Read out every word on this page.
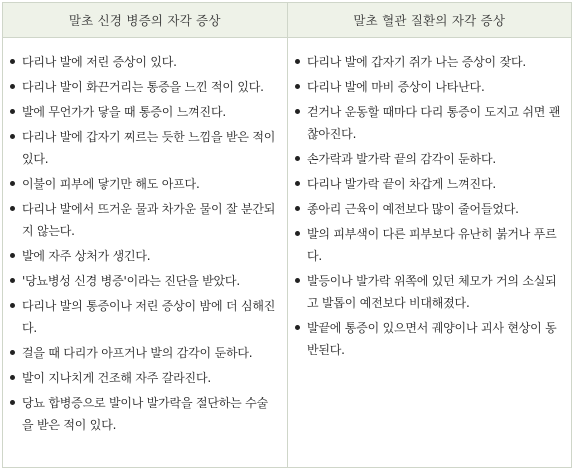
말초 신경 병증의 자각 증상	말초 혈관 질환의 자각 증상
다리나 발에 저린 증상이 있다.
다리나 발이 화끈거리는 통증을 느낀 적이 있다.
발에 무언가가 닿을 때 통증이 느껴진다.
다리나 발에 갑자기 찌르는 듯한 느낌을 받은 적이 있다.
이불이 피부에 닿기만 해도 아프다.
다리나 발에서 뜨거운 물과 차가운 물이 잘 분간되지 않는다.
발에 자주 상처가 생긴다.
'당뇨병성 신경 병증'이라는 진단을 받았다.
다리나 발의 통증이나 저린 증상이 밤에 더 심해진다.
걸을 때 다리가 아프거나 발의 감각이 둔하다.
발이 지나치게 건조해 자주 갈라진다.
당뇨 합병증으로 발이나 발가락을 절단하는 수술을 받은 적이 있다.
다리나 발에 갑자기 쥐가 나는 증상이 잦다.
다리나 발에 마비 증상이 나타난다.
걷거나 운동할 때마다 다리 통증이 도지고 쉬면 괜찮아진다.
손가락과 발가락 끝의 감각이 둔하다.
다리나 발가락 끝이 차갑게 느껴진다.
종아리 근육이 예전보다 많이 줄어들었다.
발의 피부색이 다른 피부보다 유난히 붉거나 푸르다.
발등이나 발가락 위쪽에 있던 체모가 거의 소실되고 발톱이 예전보다 비대해졌다.
발끝에 통증이 있으면서 궤양이나 괴사 현상이 동반된다.
